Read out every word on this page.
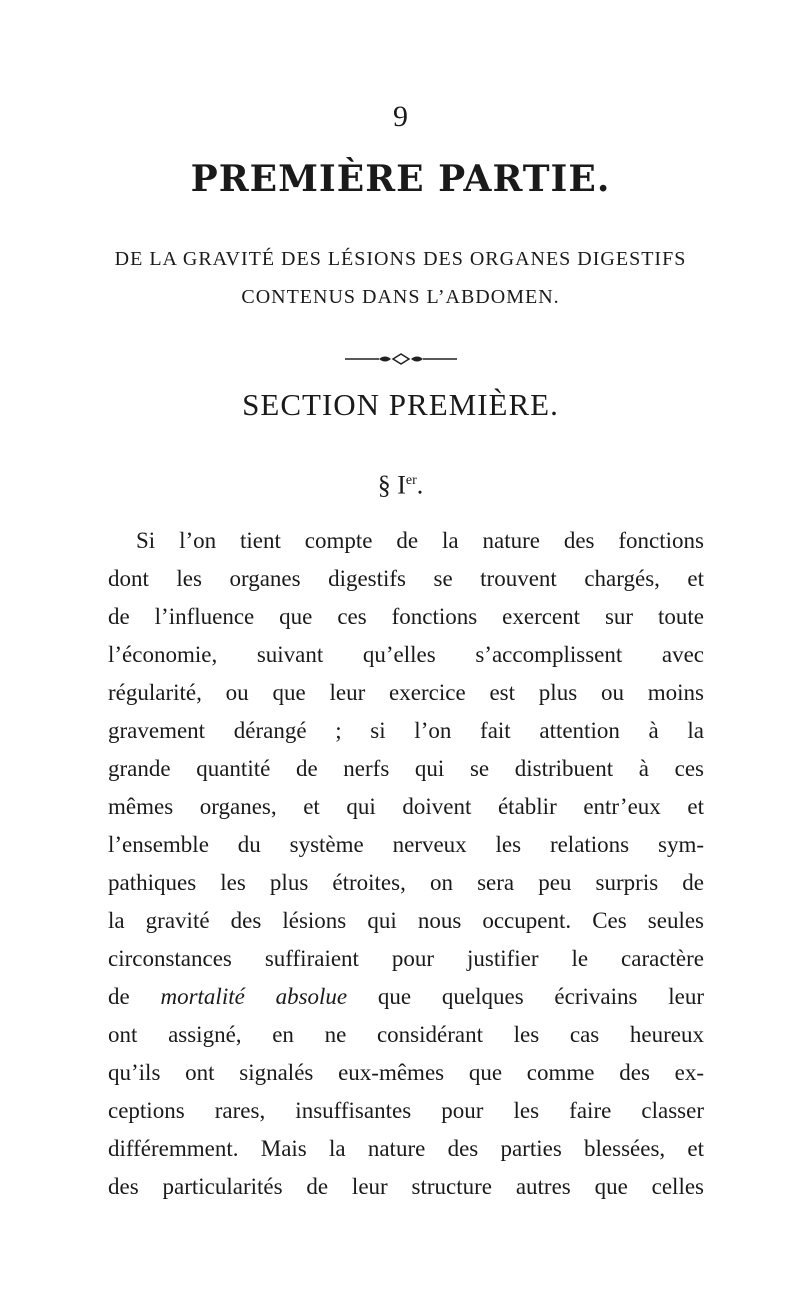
9
PREMIÈRE PARTIE.
DE LA GRAVITÉ DES LÉSIONS DES ORGANES DIGESTIFS
CONTENUS DANS L’ABDOMEN.
SECTION PREMIÈRE.
§ Ier.
Si l’on tient compte de la nature des fonctions
dont les organes digestifs se trouvent chargés, et
de l’influence que ces fonctions exercent sur toute
l’économie, suivant qu’elles s’accomplissent avec
régularité, ou que leur exercice est plus ou moins
gravement dérangé ; si l’on fait attention à la
grande quantité de nerfs qui se distribuent à ces
mêmes organes, et qui doivent établir entr’eux et
l’ensemble du système nerveux les relations sym-
pathiques les plus étroites, on sera peu surpris de
la gravité des lésions qui nous occupent. Ces seules
circonstances suffiraient pour justifier le caractère
de mortalité absolue que quelques écrivains leur
ont assigné, en ne considérant les cas heureux
qu’ils ont signalés eux-mêmes que comme des ex-
ceptions rares, insuffisantes pour les faire classer
différemment. Mais la nature des parties blessées, et
des particularités de leur structure autres que celles
